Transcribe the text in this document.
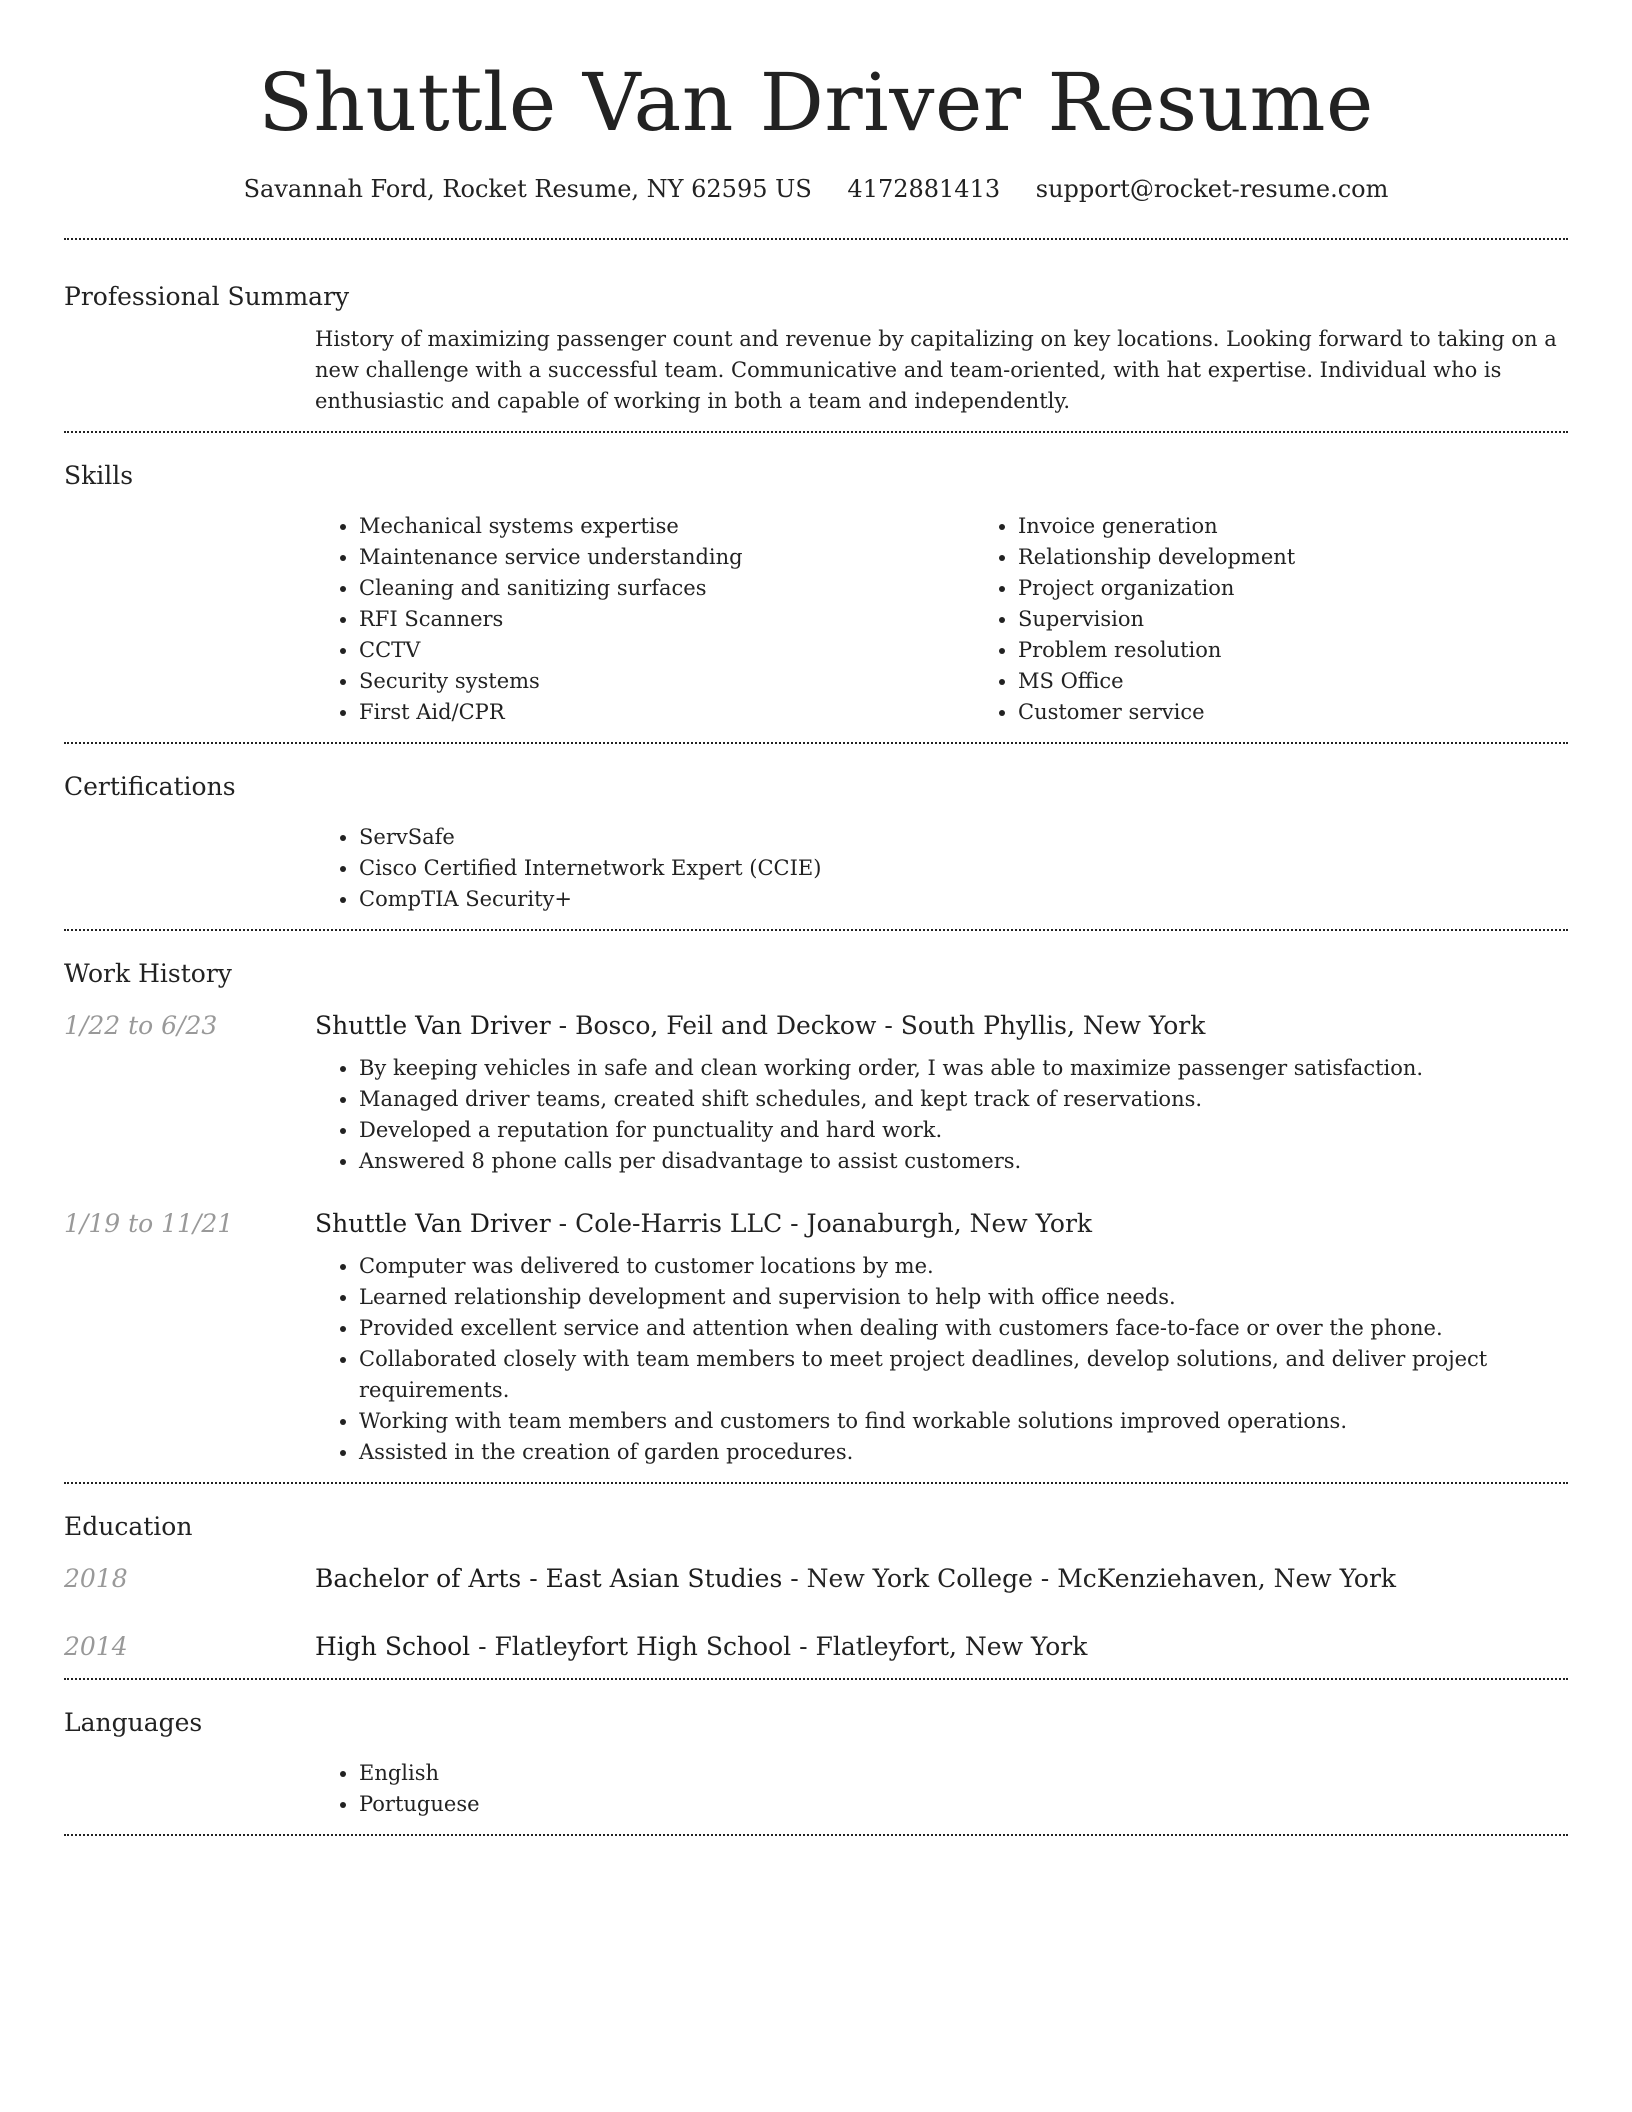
Shuttle Van Driver Resume
Savannah Ford, Rocket Resume, NY 62595 US 4172881413 support@rocket-resume.com
Professional Summary

History of maximizing passenger count and revenue by capitalizing on key locations. Looking forward to taking on a new challenge with a successful team. Communicative and team-oriented, with hat expertise. Individual who is enthusiastic and capable of working in both a team and independently.

Skills
• Mechanical systems expertise
• Maintenance service understanding
• Cleaning and sanitizing surfaces
• RFI Scanners
• CCTV
• Security systems
• First Aid/CPR
• Invoice generation
• Relationship development
• Project organization
• Supervision
• Problem resolution
• MS Office
• Customer service
Certifications
• ServSafe
• Cisco Certified Internetwork Expert (CCIE)
• CompTIA Security+
Work History
1/22 to 6/23	Shuttle Van Driver - Bosco, Feil and Deckow - South Phyllis, New York
• By keeping vehicles in safe and clean working order, I was able to maximize passenger satisfaction.
• Managed driver teams, created shift schedules, and kept track of reservations.
• Developed a reputation for punctuality and hard work.
• Answered 8 phone calls per disadvantage to assist customers.
1/19 to 11/21	Shuttle Van Driver - Cole-Harris LLC - Joanaburgh, New York
• Computer was delivered to customer locations by me.
• Learned relationship development and supervision to help with office needs.
• Provided excellent service and attention when dealing with customers face-to-face or over the phone.
• Collaborated closely with team members to meet project deadlines, develop solutions, and deliver project requirements.
• Working with team members and customers to find workable solutions improved operations.
• Assisted in the creation of garden procedures.
Education
2018	Bachelor of Arts - East Asian Studies - New York College - McKenziehaven, New York
2014	High School - Flatleyfort High School - Flatleyfort, New York
Languages
• English
• Portuguese
